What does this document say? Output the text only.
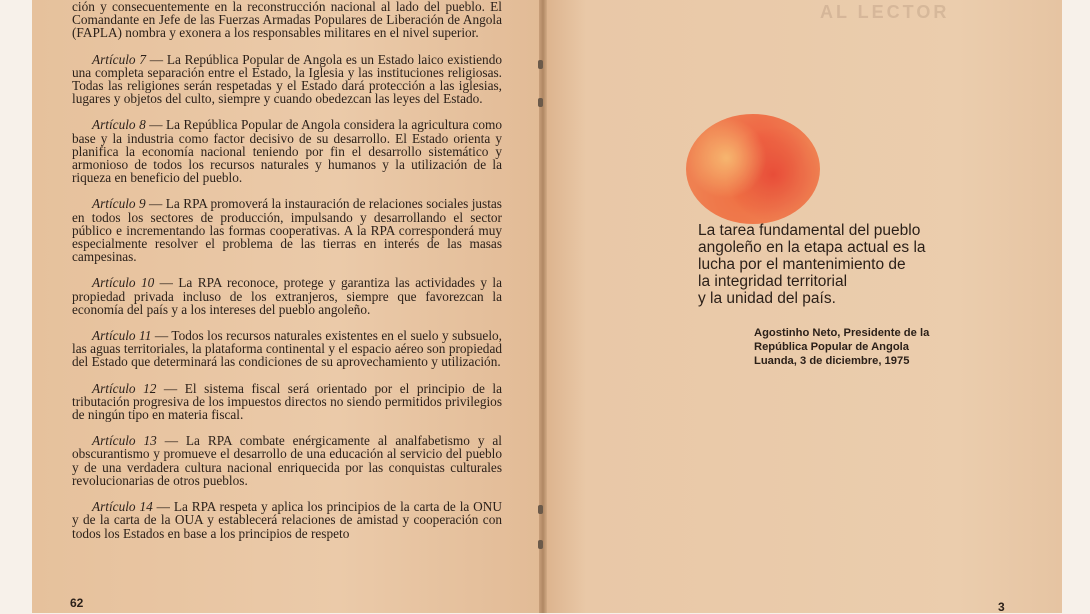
AL LECTOR

ción y consecuentemente en la reconstrucción nacional al lado del pueblo. El Comandante en Jefe de las Fuerzas Armadas Populares de Liberación de Angola (FAPLA) nombra y exonera a los responsables militares en el nivel superior.

Artículo 7 — La República Popular de Angola es un Estado laico existiendo una completa separación entre el Estado, la Iglesia y las instituciones religiosas. Todas las religiones serán respetadas y el Estado dará protección a las iglesias, lugares y objetos del culto, siempre y cuando obedezcan las leyes del Estado.

Artículo 8 — La República Popular de Angola considera la agricultura como base y la industria como factor decisivo de su desarrollo. El Estado orienta y planifica la economía nacional teniendo por fin el desarrollo sistemático y armonioso de todos los recursos naturales y humanos y la utilización de la riqueza en beneficio del pueblo.

Artículo 9 — La RPA promoverá la instauración de relaciones sociales justas en todos los sectores de producción, impulsando y desarrollando el sector público e incrementando las formas cooperativas. A la RPA corresponderá muy especialmente resolver el problema de las tierras en interés de las masas campesinas.

Artículo 10 — La RPA reconoce, protege y garantiza las actividades y la propiedad privada incluso de los extranjeros, siempre que favorezcan la economía del país y a los intereses del pueblo angoleño.

Artículo 11 — Todos los recursos naturales existentes en el suelo y subsuelo, las aguas territoriales, la plataforma continental y el espacio aéreo son propiedad del Estado que determinará las condiciones de su aprovechamiento y utilización.

Artículo 12 — El sistema fiscal será orientado por el principio de la tributación progresiva de los impuestos directos no siendo permitidos privilegios de ningún tipo en materia fiscal.

Artículo 13 — La RPA combate enérgicamente al analfabetismo y al obscurantismo y promueve el desarrollo de una educación al servicio del pueblo y de una verdadera cultura nacional enriquecida por las conquistas culturales revolucionarias de otros pueblos.

Artículo 14 — La RPA respeta y aplica los principios de la carta de la ONU y de la carta de la OUA y establecerá relaciones de amistad y cooperación con todos los Estados en base a los principios de respeto

62
La tarea fundamental del pueblo
angoleño en la etapa actual es la
lucha por el mantenimiento de
la integridad territorial
y la unidad del país.
Agostinho Neto, Presidente de la
República Popular de Angola
Luanda, 3 de diciembre, 1975
3
